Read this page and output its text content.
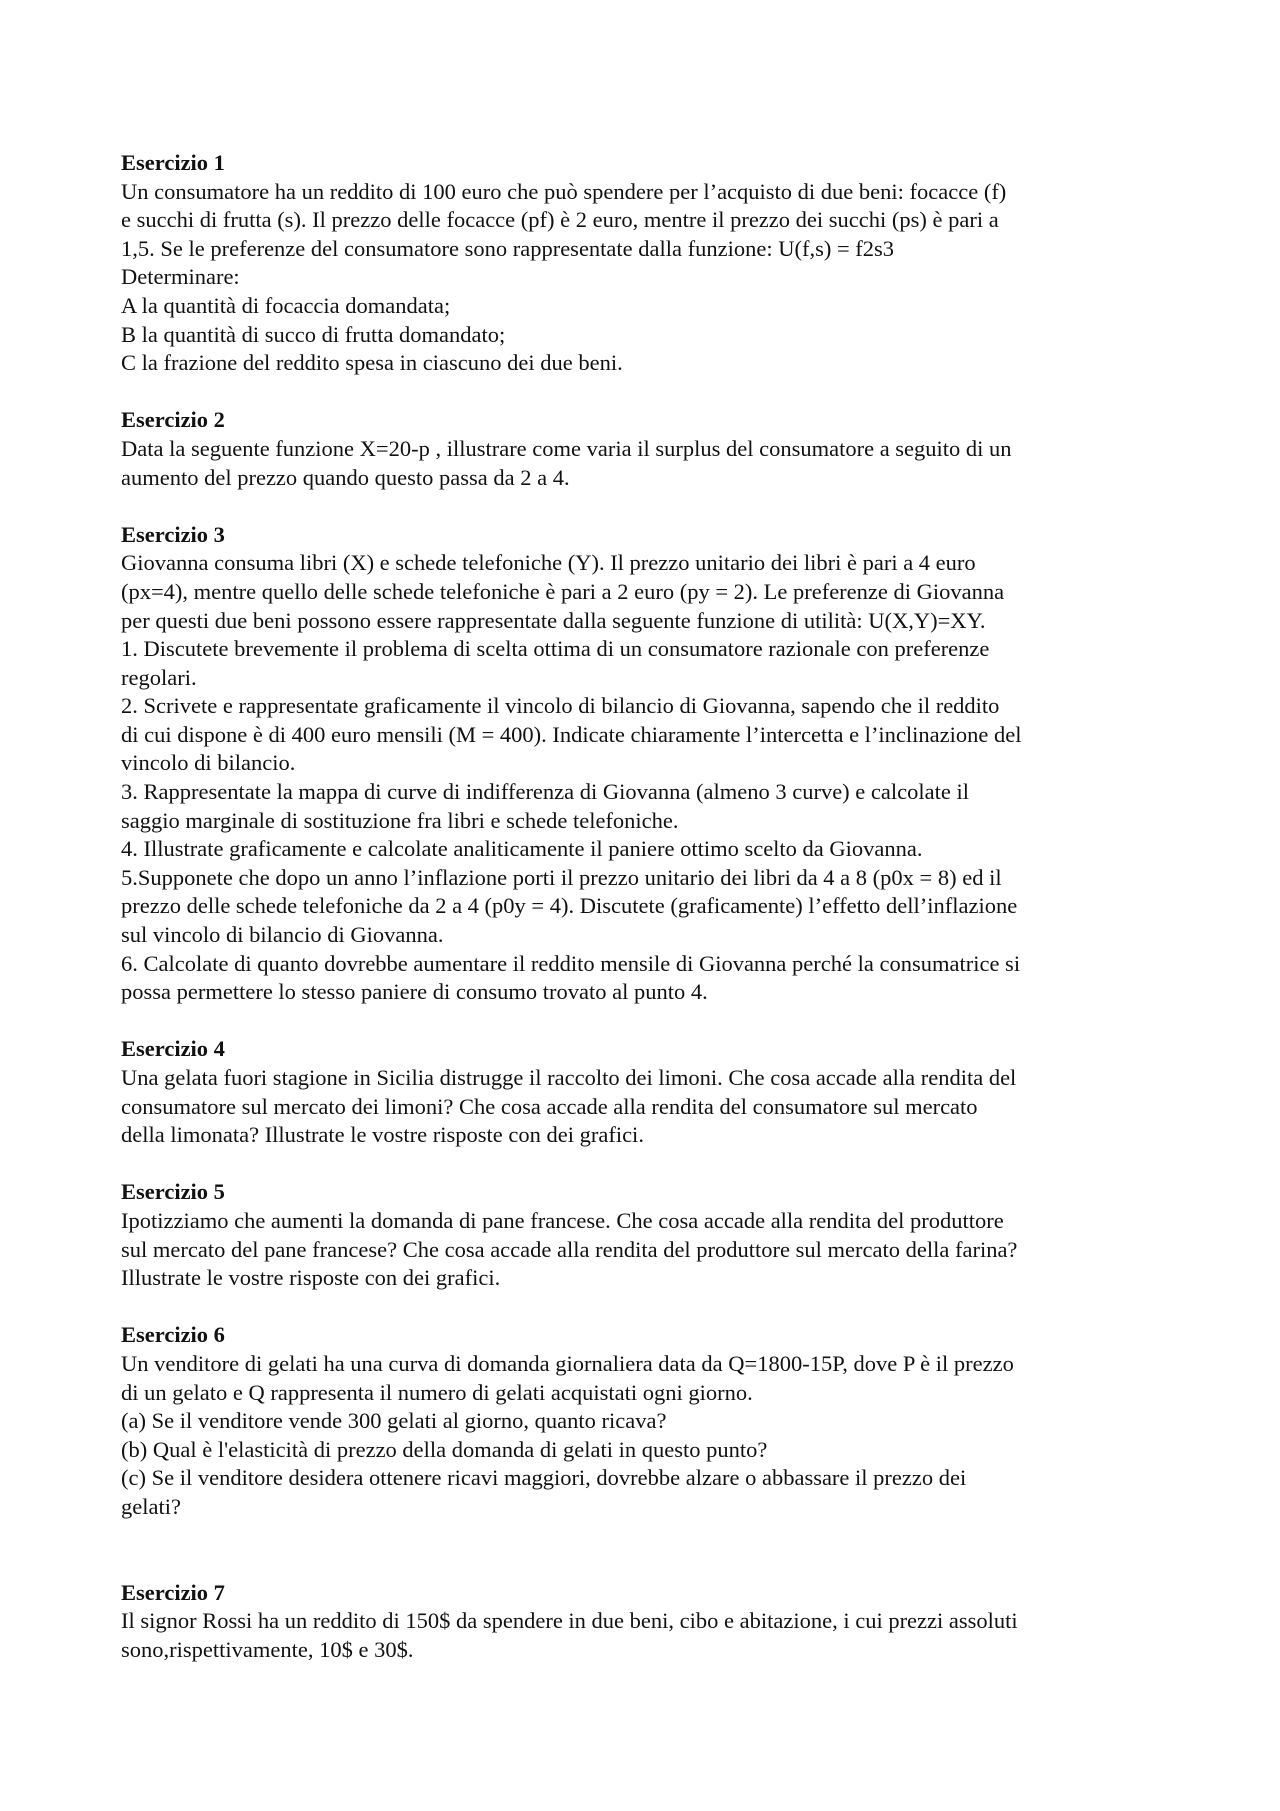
Esercizio 1
Un consumatore ha un reddito di 100 euro che può spendere per l’acquisto di due beni: focacce (f)
e succhi di frutta (s). Il prezzo delle focacce (pf) è 2 euro, mentre il prezzo dei succhi (ps) è pari a
1,5. Se le preferenze del consumatore sono rappresentate dalla funzione: U(f,s) = f2s3
Determinare:
A la quantità di focaccia domandata;
B la quantità di succo di frutta domandato;
C la frazione del reddito spesa in ciascuno dei due beni.
Esercizio 2
Data la seguente funzione X=20-p , illustrare come varia il surplus del consumatore a seguito di un
aumento del prezzo quando questo passa da 2 a 4.
Esercizio 3
Giovanna consuma libri (X) e schede telefoniche (Y). Il prezzo unitario dei libri è pari a 4 euro
(px=4), mentre quello delle schede telefoniche è pari a 2 euro (py = 2). Le preferenze di Giovanna
per questi due beni possono essere rappresentate dalla seguente funzione di utilità: U(X,Y)=XY.
1. Discutete brevemente il problema di scelta ottima di un consumatore razionale con preferenze
regolari.
2. Scrivete e rappresentate graficamente il vincolo di bilancio di Giovanna, sapendo che il reddito
di cui dispone è di 400 euro mensili (M = 400). Indicate chiaramente l’intercetta e l’inclinazione del
vincolo di bilancio.
3. Rappresentate la mappa di curve di indifferenza di Giovanna (almeno 3 curve) e calcolate il
saggio marginale di sostituzione fra libri e schede telefoniche.
4. Illustrate graficamente e calcolate analiticamente il paniere ottimo scelto da Giovanna.
5.Supponete che dopo un anno l’inflazione porti il prezzo unitario dei libri da 4 a 8 (p0x = 8) ed il
prezzo delle schede telefoniche da 2 a 4 (p0y = 4). Discutete (graficamente) l’effetto dell’inflazione
sul vincolo di bilancio di Giovanna.
6. Calcolate di quanto dovrebbe aumentare il reddito mensile di Giovanna perché la consumatrice si
possa permettere lo stesso paniere di consumo trovato al punto 4.
Esercizio 4
Una gelata fuori stagione in Sicilia distrugge il raccolto dei limoni. Che cosa accade alla rendita del
consumatore sul mercato dei limoni? Che cosa accade alla rendita del consumatore sul mercato
della limonata? Illustrate le vostre risposte con dei grafici.
Esercizio 5
Ipotizziamo che aumenti la domanda di pane francese. Che cosa accade alla rendita del produttore
sul mercato del pane francese? Che cosa accade alla rendita del produttore sul mercato della farina?
Illustrate le vostre risposte con dei grafici.
Esercizio 6
Un venditore di gelati ha una curva di domanda giornaliera data da Q=1800-15P, dove P è il prezzo
di un gelato e Q rappresenta il numero di gelati acquistati ogni giorno.
(a) Se il venditore vende 300 gelati al giorno, quanto ricava?
(b) Qual è l'elasticità di prezzo della domanda di gelati in questo punto?
(c) Se il venditore desidera ottenere ricavi maggiori, dovrebbe alzare o abbassare il prezzo dei
gelati?
Esercizio 7
Il signor Rossi ha un reddito di 150$ da spendere in due beni, cibo e abitazione, i cui prezzi assoluti
sono,rispettivamente, 10$ e 30$.
